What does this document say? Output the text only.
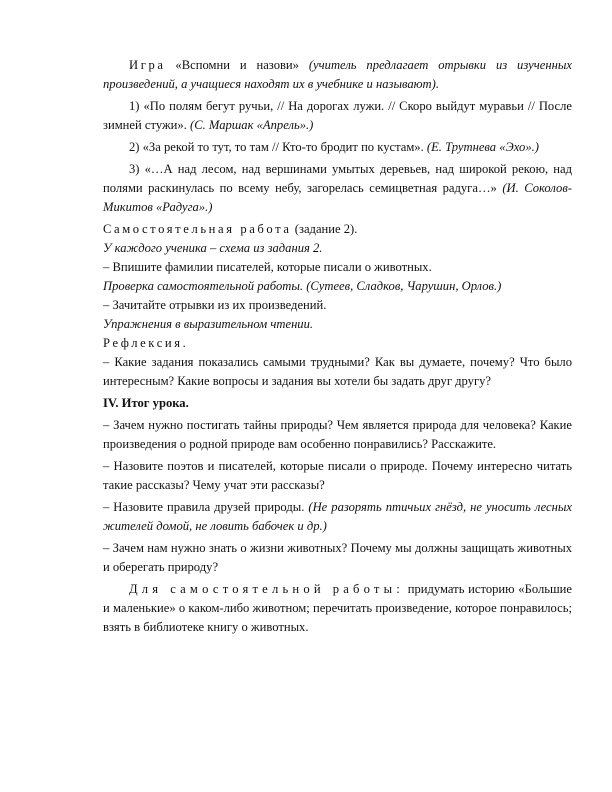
Игра «Вспомни и назови» (учитель предлагает отрывки из изученных произведений, а учащиеся находят их в учебнике и называют).

1) «По полям бегут ручьи, // На дорогах лужи. // Скоро выйдут муравьи // После зимней стужи». (С. Маршак «Апрель».)

2) «За рекой то тут, то там // Кто-то бродит по кустам». (Е. Трутнева «Эхо».)

3) «…А над лесом, над вершинами умытых деревьев, над широкой рекою, над полями раскинулась по всему небу, загорелась семицветная радуга…» (И. Соколов-Микитов «Радуга».)

Самостоятельная работа (задание 2).

У каждого ученика – схема из задания 2.

– Впишите фамилии писателей, которые писали о животных.

Проверка самостоятельной работы. (Сутеев, Сладков, Чарушин, Орлов.)

– Зачитайте отрывки из их произведений.

Упражнения в выразительном чтении.

Рефлексия.

– Какие задания показались самыми трудными? Как вы думаете, почему? Что было интересным? Какие вопросы и задания вы хотели бы задать друг другу?

IV. Итог урока.

– Зачем нужно постигать тайны природы? Чем является природа для человека? Какие произведения о родной природе вам особенно понравились? Расскажите.

– Назовите поэтов и писателей, которые писали о природе. Почему интересно читать такие рассказы? Чему учат эти рассказы?

– Назовите правила друзей природы. (Не разорять птичьих гнёзд, не уносить лесных жителей домой, не ловить бабочек и др.)

– Зачем нам нужно знать о жизни животных? Почему мы должны защищать животных и оберегать природу?

Для самостоятельной работы: придумать историю «Большие и маленькие» о каком-либо животном; перечитать произведение, которое понравилось; взять в библиотеке книгу о животных.
